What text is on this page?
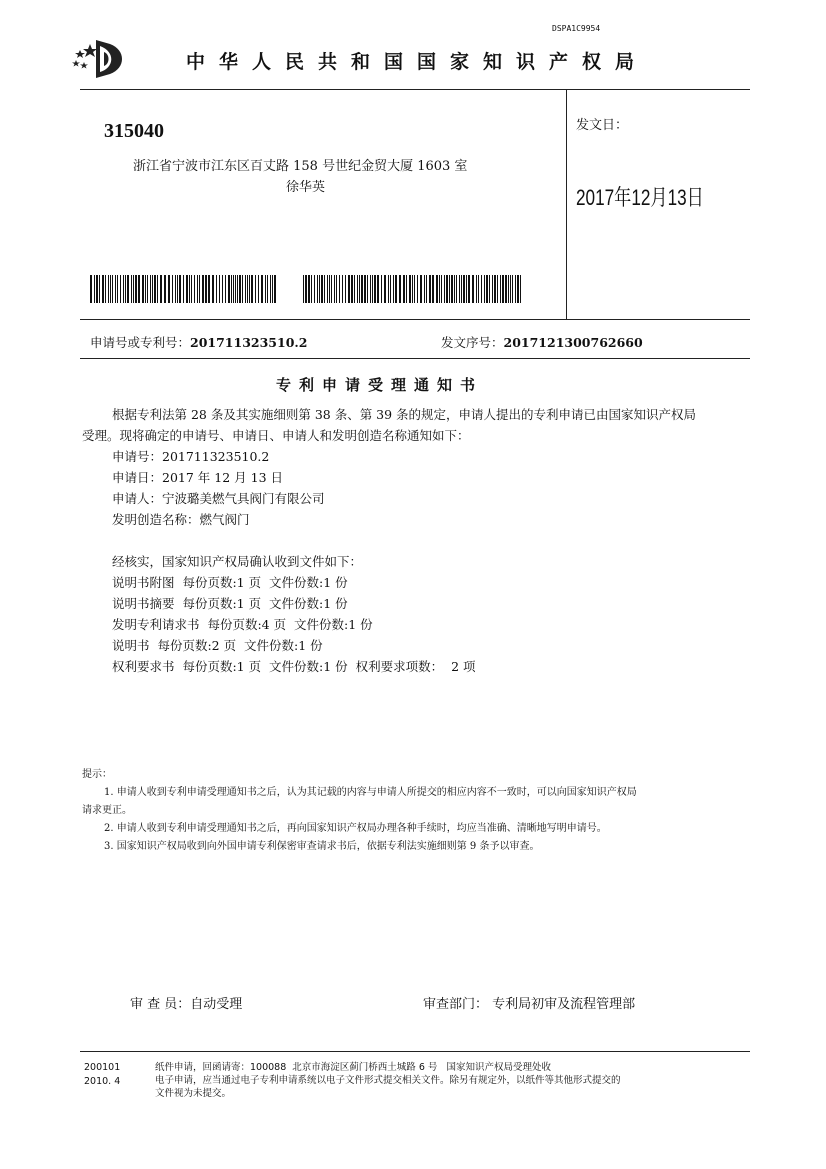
DSPA1C9954
中华人民共和国国家知识产权局
315040
浙江省宁波市江东区百丈路 158 号世纪金贸大厦 1603 室
徐华英
发文日：
2017年12月13日
申请号或专利号：201711323510.2	发文序号：2017121300762660
专利申请受理通知书
根据专利法第 28 条及其实施细则第 38 条、第 39 条的规定，申请人提出的专利申请已由国家知识产权局
受理。现将确定的申请号、申请日、申请人和发明创造名称通知如下：
申请号：201711323510.2
申请日：2017 年 12 月 13 日
申请人：宁波璐美燃气具阀门有限公司
发明创造名称：燃气阀门
经核实，国家知识产权局确认收到文件如下：
说明书附图  每份页数:1 页  文件份数:1 份
说明书摘要  每份页数:1 页  文件份数:1 份
发明专利请求书  每份页数:4 页  文件份数:1 份
说明书  每份页数:2 页  文件份数:1 份
权利要求书  每份页数:1 页  文件份数:1 份  权利要求项数：  2 项
提示：
1. 申请人收到专利申请受理通知书之后，认为其记载的内容与申请人所提交的相应内容不一致时，可以向国家知识产权局
请求更正。
2. 申请人收到专利申请受理通知书之后，再向国家知识产权局办理各种手续时，均应当准确、清晰地写明申请号。
3. 国家知识产权局收到向外国申请专利保密审查请求书后，依据专利法实施细则第 9 条予以审查。
审 查 员：自动受理	审查部门： 专利局初审及流程管理部
200101
2010. 4
纸件申请，回函请寄：100088  北京市海淀区蓟门桥西土城路 6 号   国家知识产权局受理处收
电子申请，应当通过电子专利申请系统以电子文件形式提交相关文件。除另有规定外，以纸件等其他形式提交的
文件视为未提交。
